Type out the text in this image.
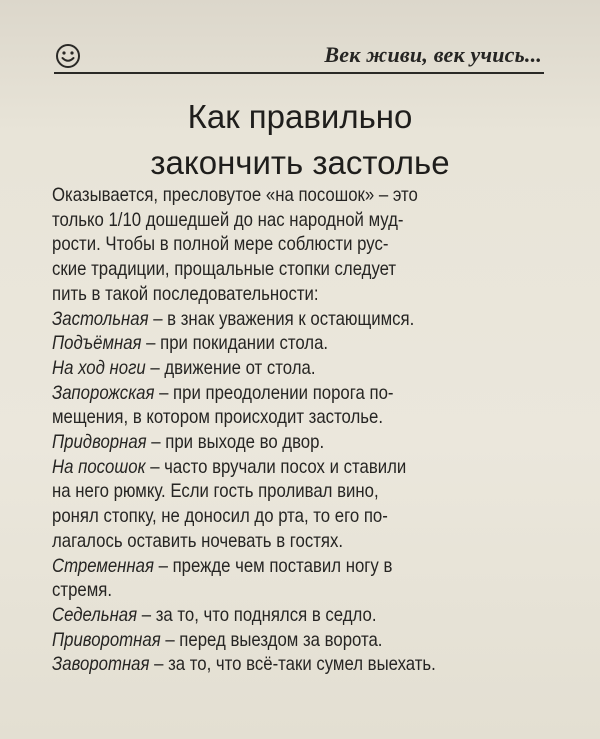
Век живи, век учись...
Как правильно
закончить застолье
Оказывается, пресловутое «на посошок» – это
только 1/10 дошедшей до нас народной муд-
рости. Чтобы в полной мере соблюсти рус-
ские традиции, прощальные стопки следует
пить в такой последовательности:
Застольная – в знак уважения к остающимся.
Подъёмная – при покидании стола.
На ход ноги – движение от стола.
Запорожская – при преодолении порога по-
мещения, в котором происходит застолье.
Придворная – при выходе во двор.
На посошок – часто вручали посох и ставили
на него рюмку. Если гость проливал вино,
ронял стопку, не доносил до рта, то его по-
лагалось оставить ночевать в гостях.
Стременная – прежде чем поставил ногу в
стремя.
Седельная – за то, что поднялся в седло.
Приворотная – перед выездом за ворота.
Заворотная – за то, что всё-таки сумел выехать.
